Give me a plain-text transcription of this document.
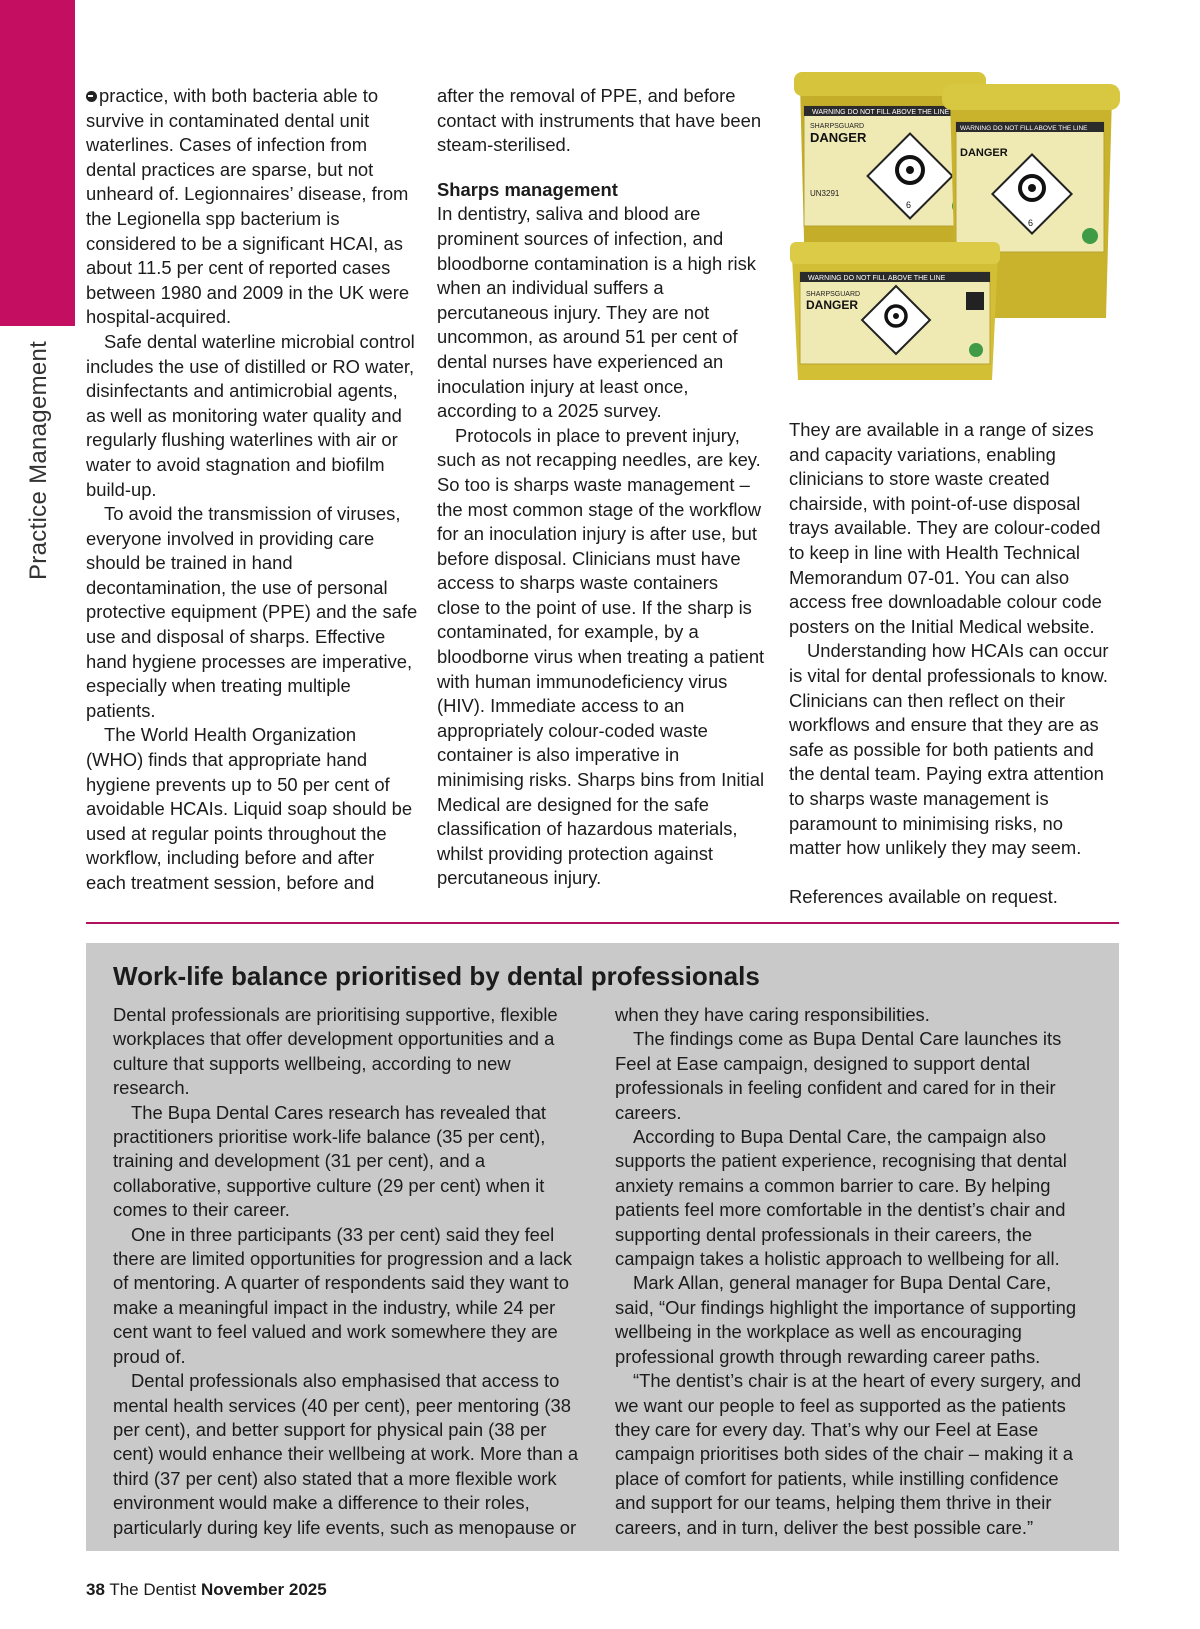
Practice Management

practice, with both bacteria able to survive in contaminated dental unit waterlines. Cases of infection from dental practices are sparse, but not unheard of. Legionnaires’ disease, from the Legionella spp bacterium is considered to be a significant HCAI, as about 11.5 per cent of reported cases between 1980 and 2009 in the UK were hospital-acquired.

Safe dental waterline microbial control includes the use of distilled or RO water, disinfectants and antimicrobial agents, as well as monitoring water quality and regularly flushing waterlines with air or water to avoid stagnation and biofilm build-up.

To avoid the transmission of viruses, everyone involved in providing care should be trained in hand decontamination, the use of personal protective equipment (PPE) and the safe use and disposal of sharps. Effective hand hygiene processes are imperative, especially when treating multiple patients.

The World Health Organization (WHO) finds that appropriate hand hygiene prevents up to 50 per cent of avoidable HCAIs. Liquid soap should be used at regular points throughout the workflow, including before and after each treatment session, before and

after the removal of PPE, and before contact with instruments that have been steam-sterilised.

Sharps management

In dentistry, saliva and blood are prominent sources of infection, and bloodborne contamination is a high risk when an individual suffers a percutaneous injury. They are not uncommon, as around 51 per cent of dental nurses have experienced an inoculation injury at least once, according to a 2025 survey.

Protocols in place to prevent injury, such as not recapping needles, are key. So too is sharps waste management – the most common stage of the workflow for an inoculation injury is after use, but before disposal. Clinicians must have access to sharps waste containers close to the point of use. If the sharp is contaminated, for example, by a bloodborne virus when treating a patient with human immunodeficiency virus (HIV). Immediate access to an appropriately colour-coded waste container is also imperative in minimising risks. Sharps bins from Initial Medical are designed for the safe classification of hazardous materials, whilst providing protection against percutaneous injury.

WARNING DO NOT FILL ABOVE THE LINE
SHARPSGUARD
DANGER
UN3291
6
WARNING DO NOT FILL ABOVE THE LINE
DANGER
6
WARNING DO NOT FILL ABOVE THE LINE
SHARPSGUARD
DANGER

They are available in a range of sizes and capacity variations, enabling clinicians to store waste created chairside, with point-of-use disposal trays available. They are colour-coded to keep in line with Health Technical Memorandum 07-01. You can also access free downloadable colour code posters on the Initial Medical website.

Understanding how HCAIs can occur is vital for dental professionals to know. Clinicians can then reflect on their workflows and ensure that they are as safe as possible for both patients and the dental team. Paying extra attention to sharps waste management is paramount to minimising risks, no matter how unlikely they may seem.

References available on request.

Work-life balance prioritised by dental professionals

Dental professionals are prioritising supportive, flexible workplaces that offer development opportunities and a culture that supports wellbeing, according to new research.

The Bupa Dental Cares research has revealed that practitioners prioritise work-life balance (35 per cent), training and development (31 per cent), and a collaborative, supportive culture (29 per cent) when it comes to their career.

One in three participants (33 per cent) said they feel there are limited opportunities for progression and a lack of mentoring. A quarter of respondents said they want to make a meaningful impact in the industry, while 24 per cent want to feel valued and work somewhere they are proud of.

Dental professionals also emphasised that access to mental health services (40 per cent), peer mentoring (38 per cent), and better support for physical pain (38 per cent) would enhance their wellbeing at work. More than a third (37 per cent) also stated that a more flexible work environment would make a difference to their roles, particularly during key life events, such as menopause or

when they have caring responsibilities.

The findings come as Bupa Dental Care launches its Feel at Ease campaign, designed to support dental professionals in feeling confident and cared for in their careers.

According to Bupa Dental Care, the campaign also supports the patient experience, recognising that dental anxiety remains a common barrier to care. By helping patients feel more comfortable in the dentist’s chair and supporting dental professionals in their careers, the campaign takes a holistic approach to wellbeing for all.

Mark Allan, general manager for Bupa Dental Care, said, “Our findings highlight the importance of supporting wellbeing in the workplace as well as encouraging professional growth through rewarding career paths.

“The dentist’s chair is at the heart of every surgery, and we want our people to feel as supported as the patients they care for every day. That’s why our Feel at Ease campaign prioritises both sides of the chair – making it a place of comfort for patients, while instilling confidence and support for our teams, helping them thrive in their careers, and in turn, deliver the best possible care.”

38 The Dentist November 2025
